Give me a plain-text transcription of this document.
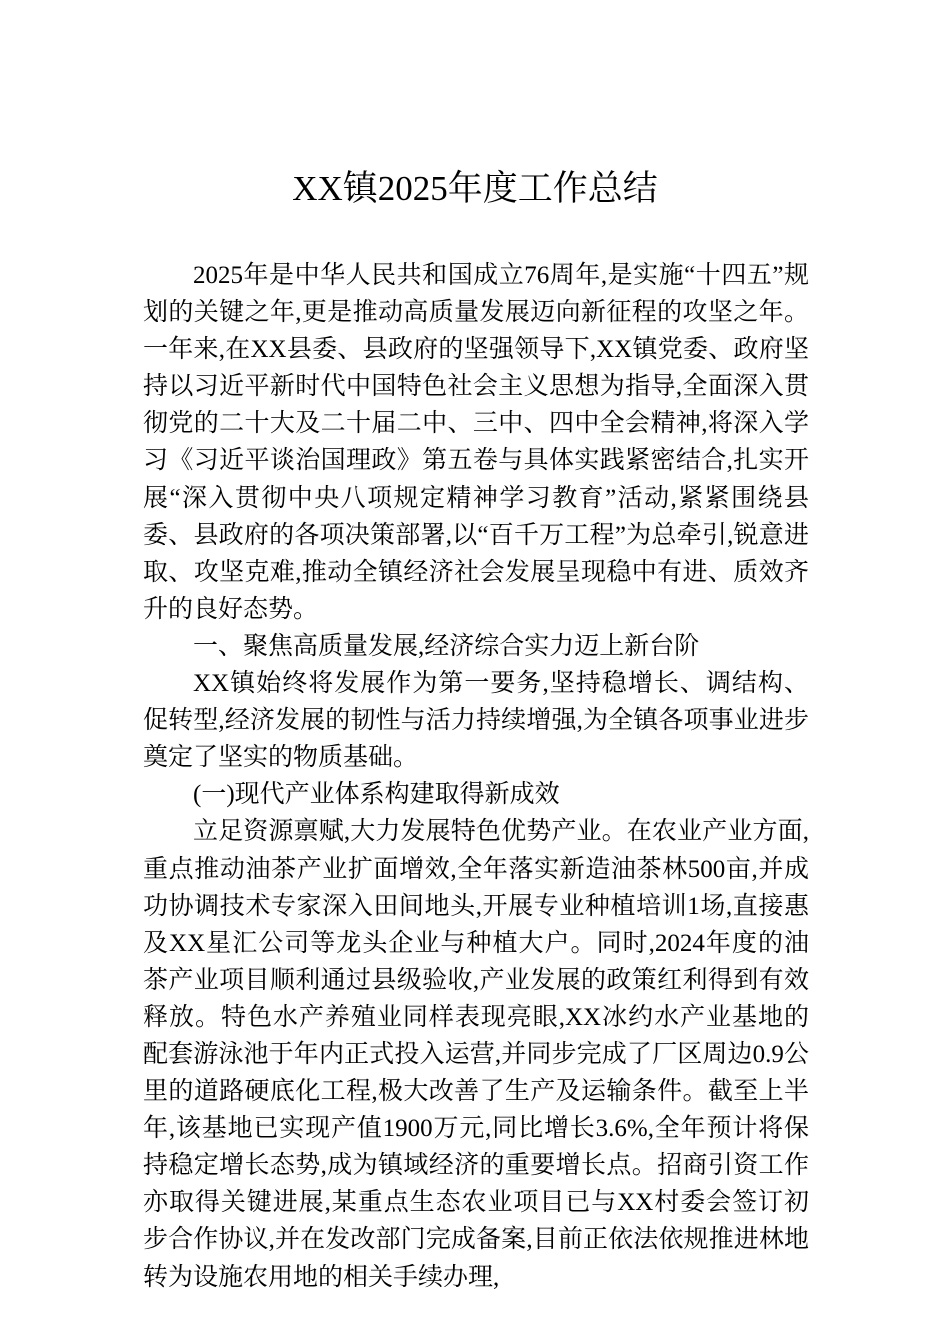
XX镇2025年度工作总结

2025年是中华人民共和国成立76周年,是实施“十四五”规划的关键之年,更是推动高质量发展迈向新征程的攻坚之年。一年来,在XX县委、县政府的坚强领导下,XX镇党委、政府坚持以习近平新时代中国特色社会主义思想为指导,全面深入贯彻党的二十大及二十届二中、三中、四中全会精神,将深入学习《习近平谈治国理政》第五卷与具体实践紧密结合,扎实开展“深入贯彻中央八项规定精神学习教育”活动,紧紧围绕县委、县政府的各项决策部署,以“百千万工程”为总牵引,锐意进取、攻坚克难,推动全镇经济社会发展呈现稳中有进、质效齐升的良好态势。

一、聚焦高质量发展,经济综合实力迈上新台阶

XX镇始终将发展作为第一要务,坚持稳增长、调结构、促转型,经济发展的韧性与活力持续增强,为全镇各项事业进步奠定了坚实的物质基础。

(一)现代产业体系构建取得新成效

立足资源禀赋,大力发展特色优势产业。在农业产业方面,重点推动油茶产业扩面增效,全年落实新造油茶林500亩,并成功协调技术专家深入田间地头,开展专业种植培训1场,直接惠及XX星汇公司等龙头企业与种植大户。同时,2024年度的油茶产业项目顺利通过县级验收,产业发展的政策红利得到有效释放。特色水产养殖业同样表现亮眼,XX冰约水产业基地的配套游泳池于年内正式投入运营,并同步完成了厂区周边0.9公里的道路硬底化工程,极大改善了生产及运输条件。截至上半年,该基地已实现产值1900万元,同比增长3.6%,全年预计将保持稳定增长态势,成为镇域经济的重要增长点。招商引资工作亦取得关键进展,某重点生态农业项目已与XX村委会签订初步合作协议,并在发改部门完成备案,目前正依法依规推进林地转为设施农用地的相关手续办理,
